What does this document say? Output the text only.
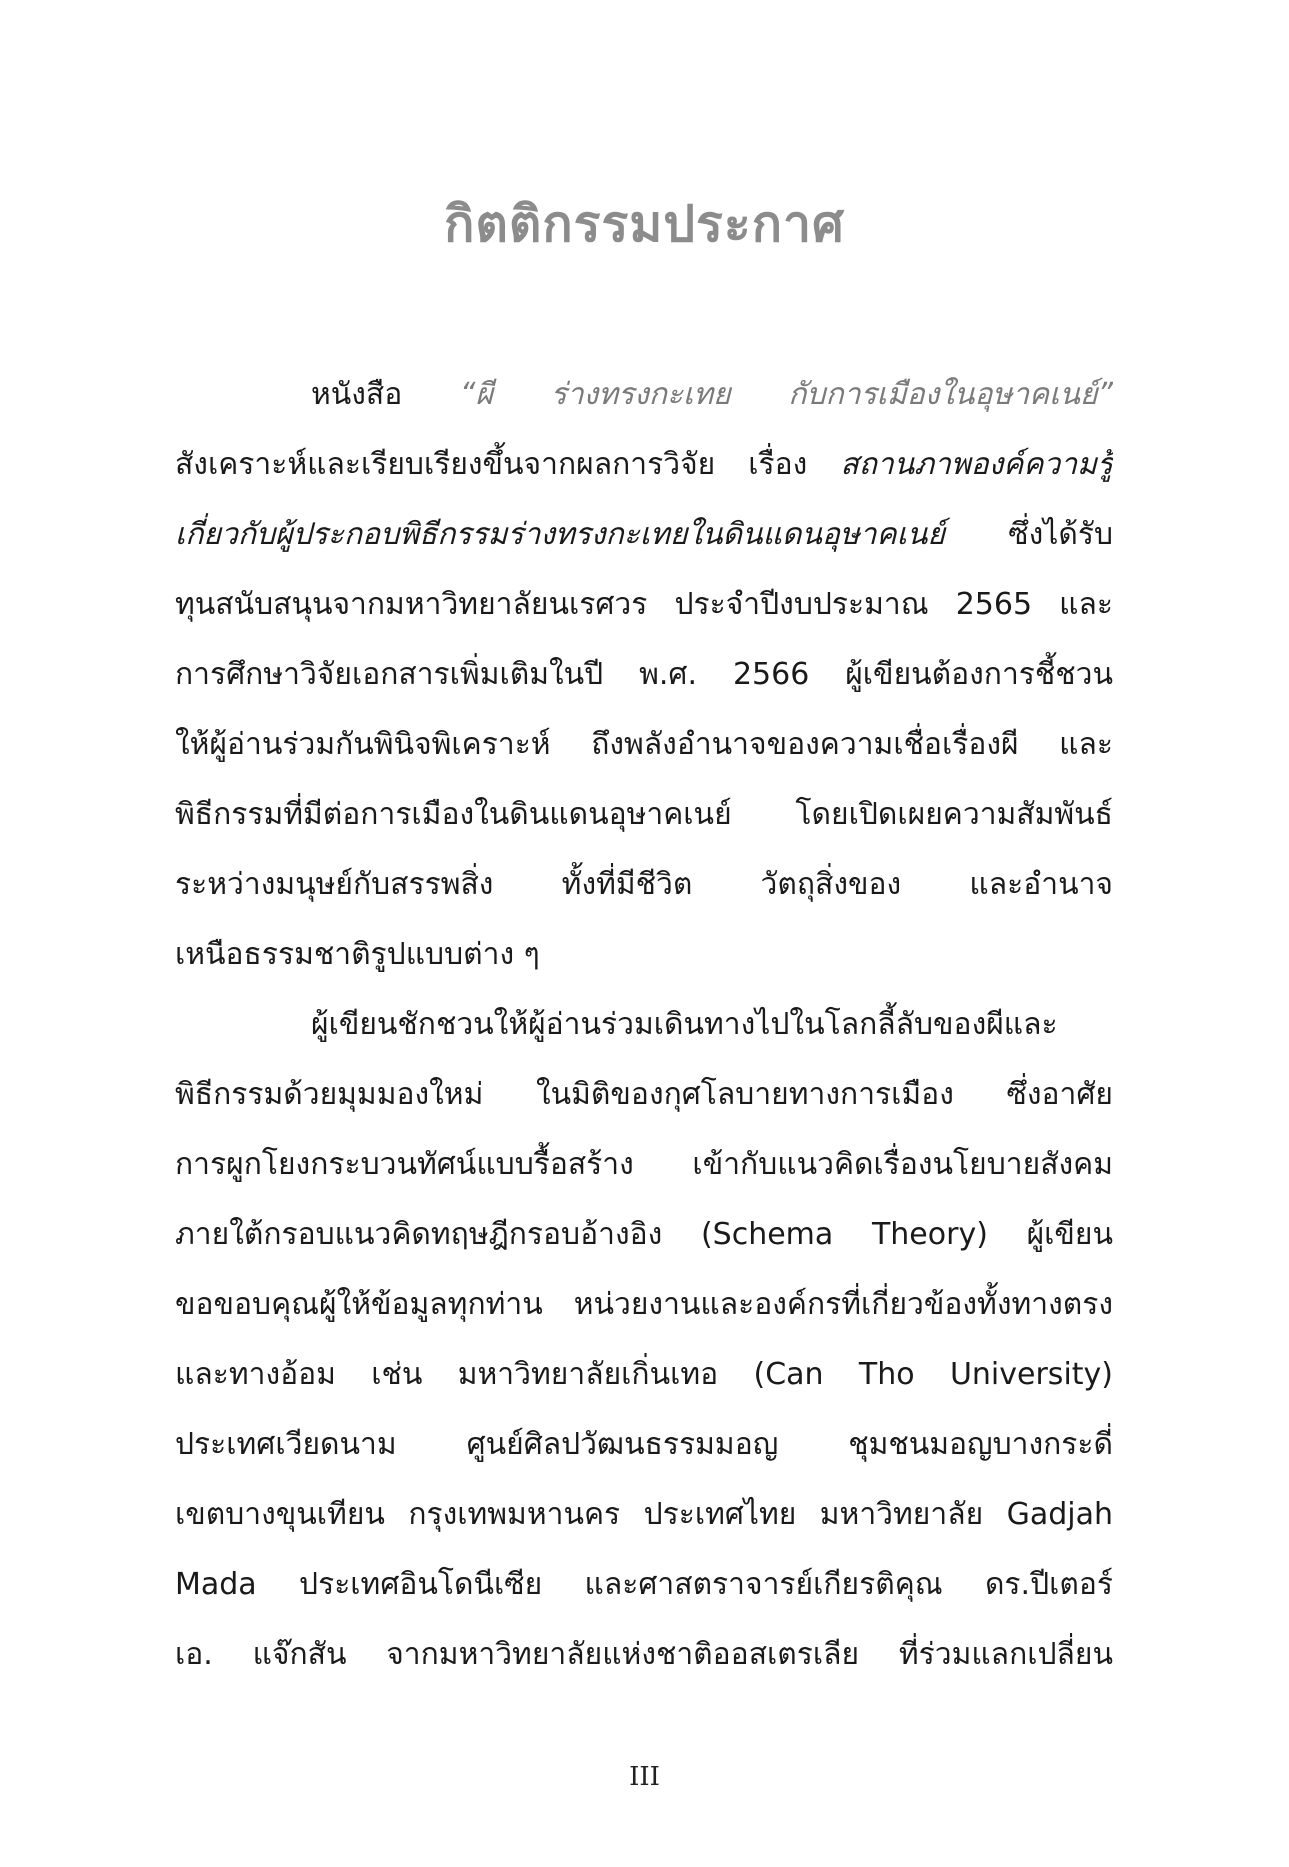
กิตติกรรมประกาศ
หนังสือ “ผี ร่างทรงกะเทย กับการเมืองในอุษาคเนย์”
สังเคราะห์และเรียบเรียงขึ้นจากผลการวิจัย เรื่อง สถานภาพองค์ความรู้
เกี่ยวกับผู้ประกอบพิธีกรรมร่างทรงกะเทยในดินแดนอุษาคเนย์ ซึ่งได้รับ
ทุนสนับสนุนจากมหาวิทยาลัยนเรศวร ประจำปีงบประมาณ 2565 และ
การศึกษาวิจัยเอกสารเพิ่มเติมในปี พ.ศ. 2566 ผู้เขียนต้องการชี้ชวน
ให้ผู้อ่านร่วมกันพินิจพิเคราะห์ ถึงพลังอำนาจของความเชื่อเรื่องผี และ
พิธีกรรมที่มีต่อการเมืองในดินแดนอุษาคเนย์ โดยเปิดเผยความสัมพันธ์
ระหว่างมนุษย์กับสรรพสิ่ง ทั้งที่มีชีวิต วัตถุสิ่งของ และอำนาจ
เหนือธรรมชาติรูปแบบต่าง ๆ
ผู้เขียนชักชวนให้ผู้อ่านร่วมเดินทางไปในโลกลี้ลับของผีและ
พิธีกรรมด้วยมุมมองใหม่ ในมิติของกุศโลบายทางการเมือง ซึ่งอาศัย
การผูกโยงกระบวนทัศน์แบบรื้อสร้าง เข้ากับแนวคิดเรื่องนโยบายสังคม
ภายใต้กรอบแนวคิดทฤษฎีกรอบอ้างอิง (Schema Theory) ผู้เขียน
ขอขอบคุณผู้ให้ข้อมูลทุกท่าน หน่วยงานและองค์กรที่เกี่ยวข้องทั้งทางตรง
และทางอ้อม เช่น มหาวิทยาลัยเกิ่นเทอ (Can Tho University)
ประเทศเวียดนาม ศูนย์ศิลปวัฒนธรรมมอญ ชุมชนมอญบางกระดี่
เขตบางขุนเทียน กรุงเทพมหานคร ประเทศไทย มหาวิทยาลัย Gadjah
Mada ประเทศอินโดนีเซีย และศาสตราจารย์เกียรติคุณ ดร.ปีเตอร์
เอ. แจ๊กสัน จากมหาวิทยาลัยแห่งชาติออสเตรเลีย ที่ร่วมแลกเปลี่ยน
III
